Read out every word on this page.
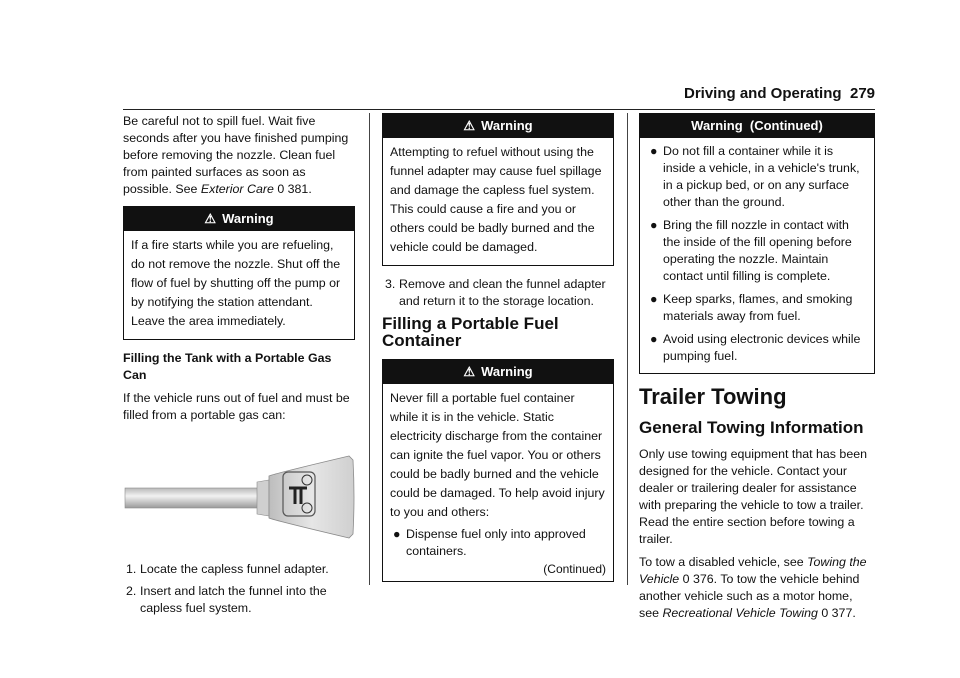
Driving and Operating 279

Be careful not to spill fuel. Wait five seconds after you have finished pumping before removing the nozzle. Clean fuel from painted surfaces as soon as possible. See Exterior Care 0 381.

⚠ Warning
If a fire starts while you are refueling, do not remove the nozzle. Shut off the flow of fuel by shutting off the pump or by notifying the station attendant. Leave the area immediately.
Filling the Tank with a Portable Gas Can

If the vehicle runs out of fuel and must be filled from a portable gas can:

1. Locate the capless funnel adapter.
2. Insert and latch the funnel into the capless fuel system.
⚠ Warning
Attempting to refuel without using the funnel adapter may cause fuel spillage and damage the capless fuel system. This could cause a fire and you or others could be badly burned and the vehicle could be damaged.
3. Remove and clean the funnel adapter and return it to the storage location.
Filling a Portable Fuel Container
⚠ Warning
Never fill a portable fuel container while it is in the vehicle. Static electricity discharge from the container can ignite the fuel vapor. You or others could be badly burned and the vehicle could be damaged. To help avoid injury to you and others:
● Dispense fuel only into approved containers.
(Continued)
Warning  (Continued)
● Do not fill a container while it is inside a vehicle, in a vehicle's trunk, in a pickup bed, or on any surface other than the ground.
● Bring the fill nozzle in contact with the inside of the fill opening before operating the nozzle. Maintain contact until filling is complete.
● Keep sparks, flames, and smoking materials away from fuel.
● Avoid using electronic devices while pumping fuel.
Trailer Towing
General Towing Information

Only use towing equipment that has been designed for the vehicle. Contact your dealer or trailering dealer for assistance with preparing the vehicle to tow a trailer. Read the entire section before towing a trailer.

To tow a disabled vehicle, see Towing the Vehicle 0 376. To tow the vehicle behind another vehicle such as a motor home, see Recreational Vehicle Towing 0 377.
